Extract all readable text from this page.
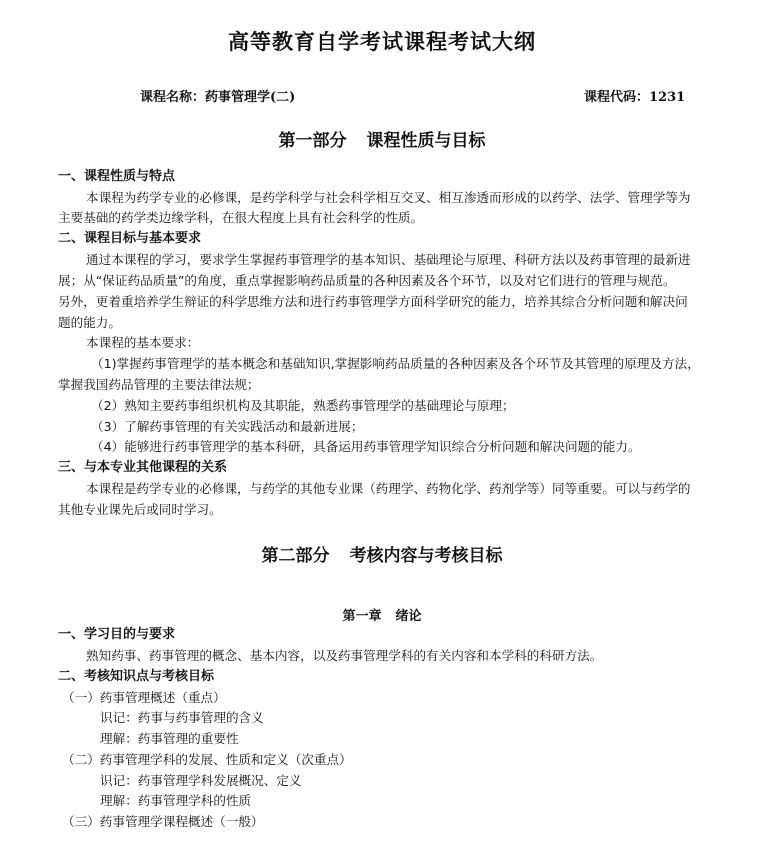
高等教育自学考试课程考试大纲
课程名称：药事管理学(二)	课程代码：1231
第一部分 课程性质与目标
一、课程性质与特点
本课程为药学专业的必修课，是药学科学与社会科学相互交叉、相互渗透而形成的以药学、法学、管理学等为
主要基础的药学类边缘学科，在很大程度上具有社会科学的性质。
二、课程目标与基本要求
通过本课程的学习，要求学生掌握药事管理学的基本知识、基础理论与原理、科研方法以及药事管理的最新进
展；从“保证药品质量”的角度，重点掌握影响药品质量的各种因素及各个环节，以及对它们进行的管理与规范。
另外，更着重培养学生辩证的科学思维方法和进行药事管理学方面科学研究的能力，培养其综合分析问题和解决问
题的能力。
本课程的基本要求：
（1)掌握药事管理学的基本概念和基础知识,掌握影响药品质量的各种因素及各个环节及其管理的原理及方法，
掌握我国药品管理的主要法律法规；
（2）熟知主要药事组织机构及其职能，熟悉药事管理学的基础理论与原理；
（3）了解药事管理的有关实践活动和最新进展；
（4）能够进行药事管理学的基本科研，具备运用药事管理学知识综合分析问题和解决问题的能力。
三、与本专业其他课程的关系
本课程是药学专业的必修课，与药学的其他专业课（药理学、药物化学、药剂学等）同等重要。可以与药学的
其他专业课先后或同时学习。
第二部分 考核内容与考核目标
第一章 绪论
一、学习目的与要求
熟知药事、药事管理的概念、基本内容，以及药事管理学科的有关内容和本学科的科研方法。
二、考核知识点与考核目标
（一）药事管理概述（重点）
识记：药事与药事管理的含义
理解：药事管理的重要性
（二）药事管理学科的发展、性质和定义（次重点）
识记：药事管理学科发展概况、定义
理解：药事管理学科的性质
（三）药事管理学课程概述（一般）
